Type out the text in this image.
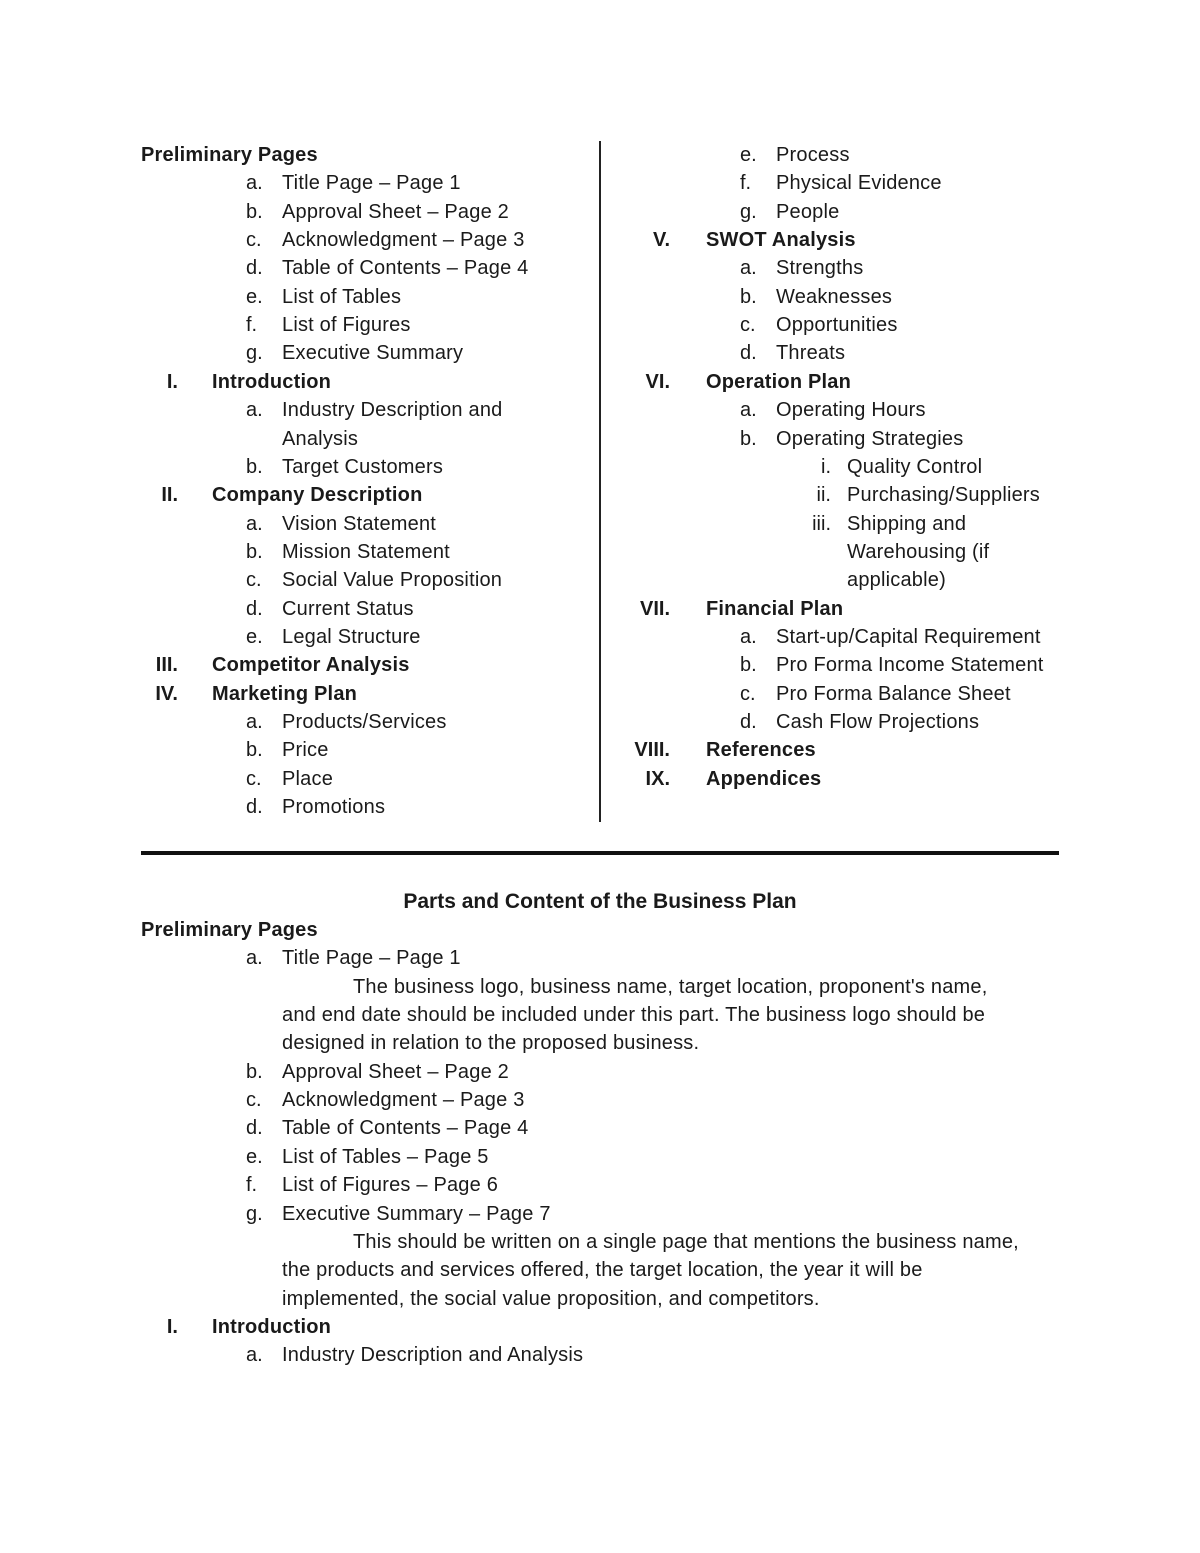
Preliminary Pages
a. Title Page – Page 1
b. Approval Sheet – Page 2
c. Acknowledgment – Page 3
d. Table of Contents – Page 4
e. List of Tables
f. List of Figures
g. Executive Summary
I. Introduction
a. Industry Description and
Analysis
b. Target Customers
II. Company Description
a. Vision Statement
b. Mission Statement
c. Social Value Proposition
d. Current Status
e. Legal Structure
III. Competitor Analysis
IV. Marketing Plan
a. Products/Services
b. Price
c. Place
d. Promotions
e. Process
f. Physical Evidence
g. People
V. SWOT Analysis
a. Strengths
b. Weaknesses
c. Opportunities
d. Threats
VI. Operation Plan
a. Operating Hours
b. Operating Strategies
i. Quality Control
ii. Purchasing/Suppliers
iii. Shipping and
Warehousing (if
applicable)
VII. Financial Plan
a. Start-up/Capital Requirement
b. Pro Forma Income Statement
c. Pro Forma Balance Sheet
d. Cash Flow Projections
VIII. References
IX. Appendices
Parts and Content of the Business Plan
Preliminary Pages
a. Title Page – Page 1
The business logo, business name, target location, proponent's name,
and end date should be included under this part. The business logo should be
designed in relation to the proposed business.
b. Approval Sheet – Page 2
c. Acknowledgment – Page 3
d. Table of Contents – Page 4
e. List of Tables – Page 5
f. List of Figures – Page 6
g. Executive Summary – Page 7
This should be written on a single page that mentions the business name,
the products and services offered, the target location, the year it will be
implemented, the social value proposition, and competitors.
I. Introduction
a. Industry Description and Analysis
